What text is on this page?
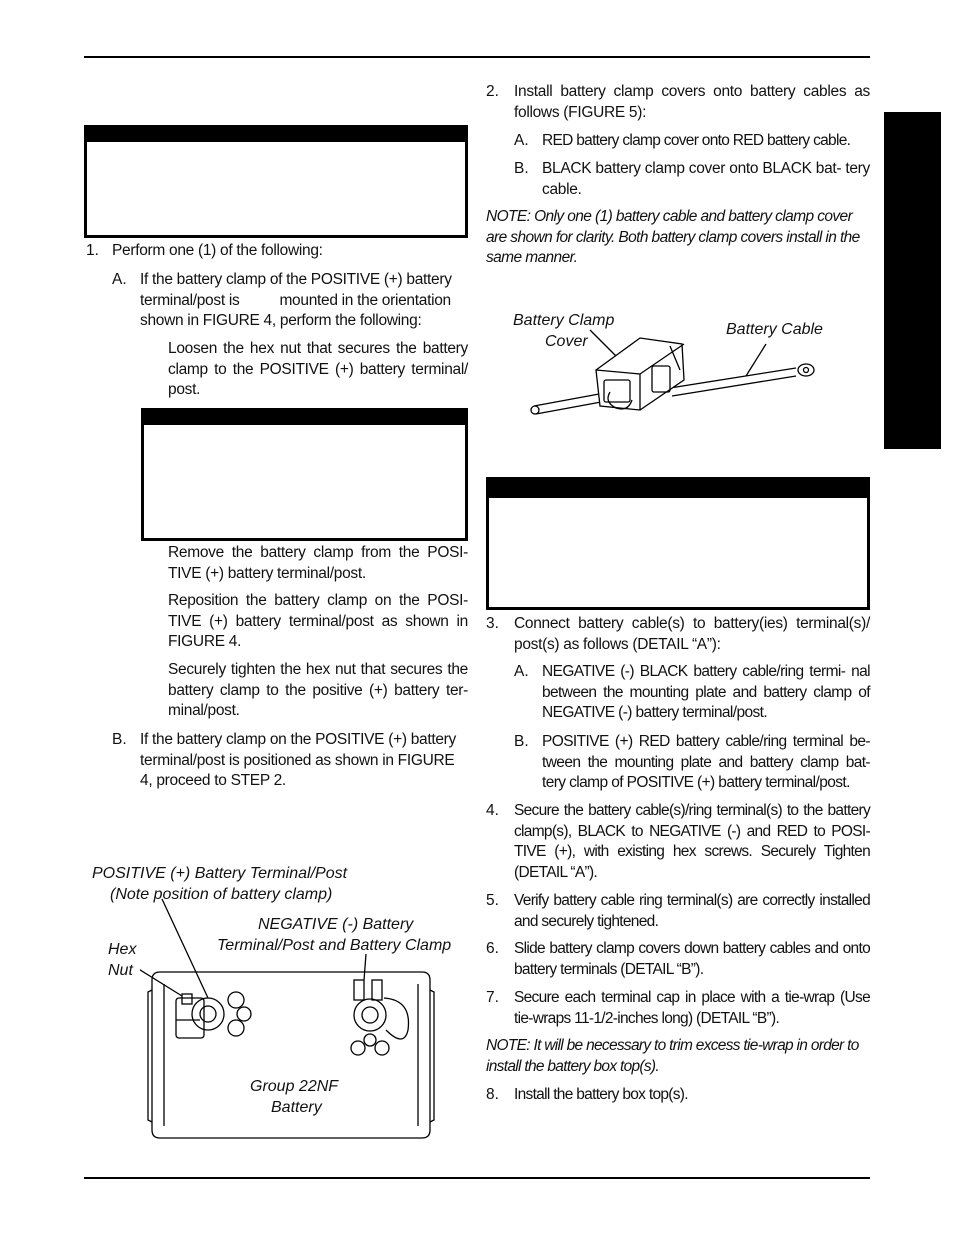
1. Perform one (1) of the following:
A. If the battery clamp of the POSITIVE (+) battery terminal/post is	mounted in the orientation shown in FIGURE 4, perform the following:
Loosen the hex nut that secures the battery clamp to the POSITIVE (+) battery terminal/ post.
Remove the battery clamp from the POSI- TIVE (+) battery terminal/post.
Reposition the battery clamp on the POSI- TIVE (+) battery terminal/post as shown in FIGURE 4.
Securely tighten the hex nut that secures the battery clamp to the positive (+) battery ter- minal/post.
B. If the battery clamp on the POSITIVE (+) battery terminal/post is positioned as shown in FIGURE 4, proceed to STEP 2.
POSITIVE (+) Battery Terminal/Post
(Note position of battery clamp)
NEGATIVE (-) Battery
Terminal/Post and Battery Clamp
Hex
Nut
Group 22NF
Battery
2. Install battery clamp covers onto battery cables as follows (FIGURE 5):
A. RED battery clamp cover onto RED battery cable.
B. BLACK battery clamp cover onto BLACK bat- tery cable.
NOTE: Only one (1) battery cable and battery clamp cover are shown for clarity. Both battery clamp covers install in the same manner.
Battery Clamp
Cover
Battery Cable
3. Connect battery cable(s) to battery(ies) terminal(s)/ post(s) as follows (DETAIL “A”):
A. NEGATIVE (-) BLACK battery cable/ring termi- nal between the mounting plate and battery clamp of NEGATIVE (-) battery terminal/post.
B. POSITIVE (+) RED battery cable/ring terminal be- tween the mounting plate and battery clamp bat- tery clamp of POSITIVE (+) battery terminal/post.
4. Secure the battery cable(s)/ring terminal(s) to the battery clamp(s), BLACK to NEGATIVE (-) and RED to POSI- TIVE (+), with existing hex screws. Securely Tighten (DETAIL “A”).
5. Verify battery cable ring terminal(s) are correctly installed and securely tightened.
6. Slide battery clamp covers down battery cables and onto battery terminals (DETAIL “B”).
7. Secure each terminal cap in place with a tie-wrap (Use tie-wraps 11-1/2-inches long) (DETAIL “B”).
NOTE: It will be necessary to trim excess tie-wrap in order to install the battery box top(s).
8. Install the battery box top(s).
